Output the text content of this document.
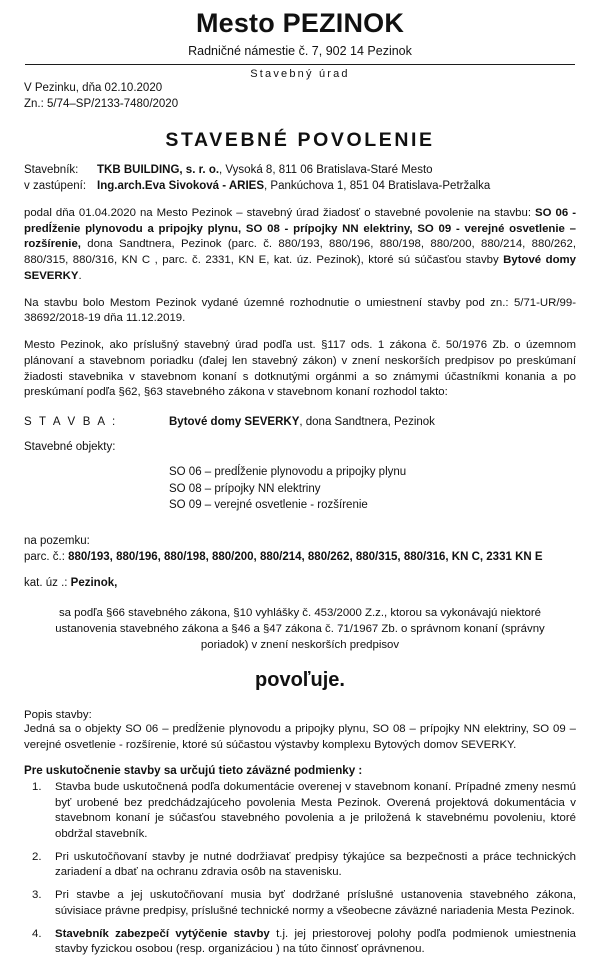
Mesto PEZINOK
Radničné námestie č. 7, 902 14 Pezinok
Stavebný úrad
V Pezinku, dňa 02.10.2020
Zn.: 5/74–SP/2133-7480/2020
STAVEBNÉ POVOLENIE
Stavebník:	TKB BUILDING, s. r. o., Vysoká 8, 811 06 Bratislava-Staré Mesto
v zastúpení: Ing.arch.Eva Sivoková - ARIES, Pankúchova 1, 851 04 Bratislava-Petržalka

podal dňa 01.04.2020 na Mesto Pezinok – stavebný úrad žiadosť o stavebné povolenie na stavbu: SO 06 - predĺženie plynovodu a pripojky plynu, SO 08 - prípojky NN elektriny, SO 09 - verejné osvetlenie – rozšírenie, dona Sandtnera, Pezinok (parc. č. 880/193, 880/196, 880/198, 880/200, 880/214, 880/262, 880/315, 880/316, KN C , parc. č. 2331, KN E, kat. úz. Pezinok), ktoré sú súčasťou stavby Bytové domy SEVERKY.

Na stavbu bolo Mestom Pezinok vydané územné rozhodnutie o umiestnení stavby pod zn.: 5/71-UR/99-38692/2018-19 dňa 11.12.2019.

Mesto Pezinok, ako príslušný stavebný úrad podľa ust. §117 ods. 1 zákona č. 50/1976 Zb. o územnom plánovaní a stavebnom poriadku (ďalej len stavebný zákon) v znení neskorších predpisov po preskúmaní žiadosti stavebnika v stavebnom konaní s dotknutými orgánmi a so známymi účastníkmi konania a po preskúmaní podľa §62, §63 stavebného zákona v stavebnom konaní rozhodol takto:

S T A V B A :	Bytové domy SEVERKY, dona Sandtnera, Pezinok
Stavebné objekty:
SO 06 – predĺženie plynovodu a pripojky plynu
SO 08 – prípojky NN elektriny
SO 09 – verejné osvetlenie - rozšírenie
na pozemku:
parc. č.: 880/193, 880/196, 880/198, 880/200, 880/214, 880/262, 880/315, 880/316, KN C, 2331 KN E
kat. úz .: Pezinok,
sa podľa §66 stavebného zákona, §10 vyhlášky č. 453/2000 Z.z., ktorou sa vykonávajú niektoré ustanovenia stavebného zákona a §46 a §47 zákona č. 71/1967 Zb. o správnom konaní (správny poriadok) v znení neskorších predpisov
povoľuje.
Popis stavby:
Jedná sa o objekty SO 06 – predĺženie plynovodu a pripojky plynu, SO 08 – prípojky NN elektriny, SO 09 – verejné osvetlenie - rozšírenie, ktoré sú súčastou výstavby komplexu Bytových domov SEVERKY.
Pre uskutočnenie stavby sa určujú tieto záväzné podmienky :
1. Stavba bude uskutočnená podľa dokumentácie overenej v stavebnom konaní. Prípadné zmeny nesmú byť urobené bez predchádzajúceho povolenia Mesta Pezinok. Overená projektová dokumentácia v stavebnom konaní je súčasťou stavebného povolenia a je priložená k stavebnému povoleniu, ktoré obdržal stavebník.
2. Pri uskutočňovaní stavby je nutné dodržiavať predpisy týkajúce sa bezpečnosti a práce technických zariadení a dbať na ochranu zdravia osôb na stavenisku.
3. Pri stavbe a jej uskutočňovaní musia byť dodržané príslušné ustanovenia stavebného zákona, súvisiace právne predpisy, príslušné technické normy a všeobecne záväzné nariadenia Mesta Pezinok.
4. Stavebník zabezpečí vytýčenie stavby t.j. jej priestorovej polohy podľa podmienok umiestnenia stavby fyzickou osobou (resp. organizáciou ) na túto činnosť oprávnenou.
